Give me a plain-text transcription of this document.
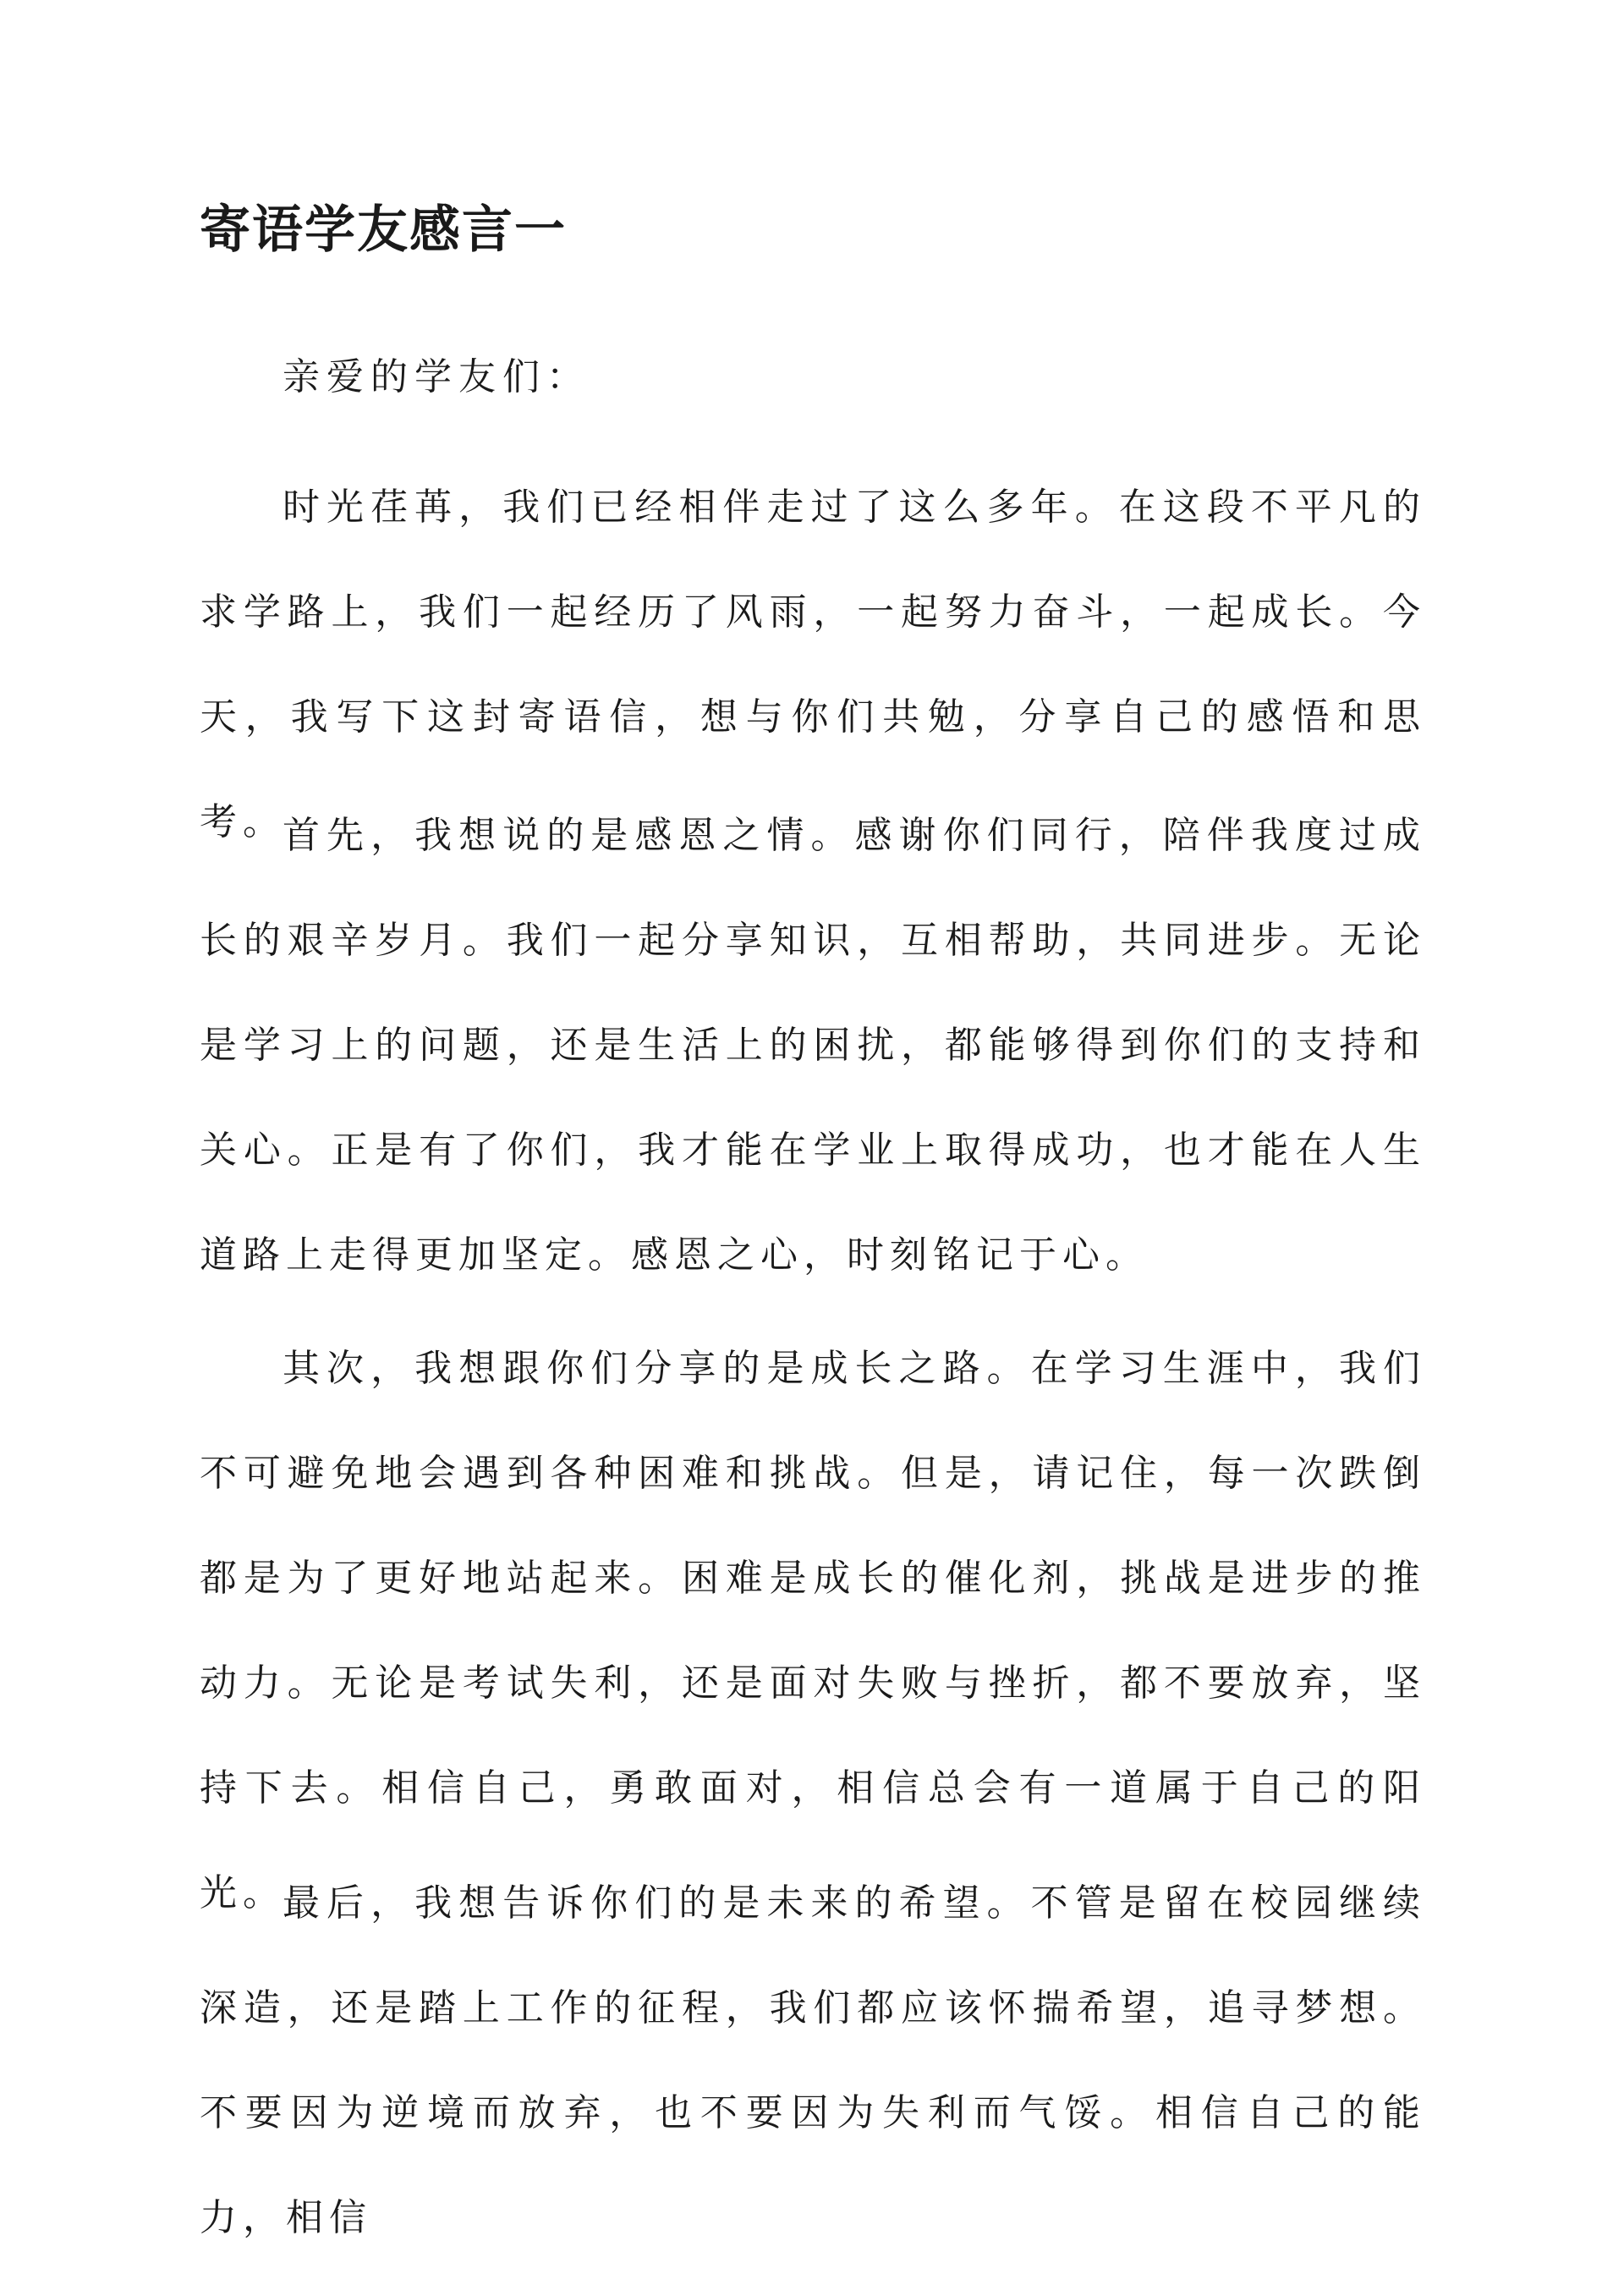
寄语学友感言一

亲爱的学友们：

时光荏苒，我们已经相伴走过了这么多年。在这段不平凡的求学路上，我们一起经历了风雨，一起努力奋斗，一起成长。今天，我写下这封寄语信，想与你们共勉，分享自己的感悟和思考。

首先，我想说的是感恩之情。感谢你们同行，陪伴我度过成长的艰辛岁月。我们一起分享知识，互相帮助，共同进步。无论是学习上的问题，还是生活上的困扰，都能够得到你们的支持和关心。正是有了你们，我才能在学业上取得成功，也才能在人生道路上走得更加坚定。感恩之心，时刻铭记于心。

其次，我想跟你们分享的是成长之路。在学习生涯中，我们不可避免地会遇到各种困难和挑战。但是，请记住，每一次跌倒都是为了更好地站起来。困难是成长的催化剂，挑战是进步的推动力。无论是考试失利，还是面对失败与挫折，都不要放弃，坚持下去。相信自己，勇敢面对，相信总会有一道属于自己的阳光。

最后，我想告诉你们的是未来的希望。不管是留在校园继续深造，还是踏上工作的征程，我们都应该怀揣希望，追寻梦想。不要因为逆境而放弃，也不要因为失利而气馁。相信自己的能力，相信
